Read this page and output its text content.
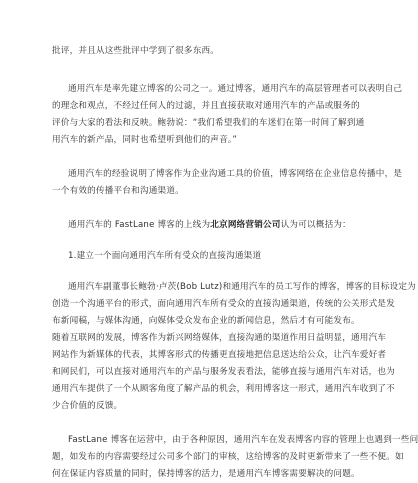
批评，并且从这些批评中学到了很多东西。

通用汽车是率先建立博客的公司之一。通过博客，通用汽车的高层管理者可以表明自己

的理念和观点，不经过任何人的过滤，并且直接获取对通用汽车的产品或服务的

评价与大家的看法和反映。鲍勃说：“我们希望我们的车迷们在第一时间了解到通

用汽车的新产品，同时也希望听到他们的声音。”

通用汽车的经验说明了博客作为企业沟通工具的价值，博客网络在企业信息传播中，是

一个有效的传播平台和沟通渠道。

通用汽车的 FastLane 博客的上线为北京网络营销公司认为可以概括为：

1.建立一个面向通用汽车所有受众的直接沟通渠道

通用汽车副董事长鲍勃·卢茨(Bob Lutz)和通用汽车的员工写作的博客，博客的目标设定为

创造一个沟通平台的形式，面向通用汽车所有受众的直接沟通渠道，传统的公关形式是发

布新闻稿，与媒体沟通，向媒体受众发布企业的新闻信息，然后才有可能发布。

随着互联网的发展，博客作为新兴网络媒体，直接沟通的渠道作用日益明显，通用汽车

网站作为新媒体的代表，其博客形式的传播更直接地把信息送达给公众，让汽车爱好者

和网民们，可以直接对通用汽车的产品与服务发表看法，能够直接与通用汽车对话，也为

通用汽车提供了一个从顾客角度了解产品的机会，利用博客这一形式，通用汽车收到了不

少合价值的反馈。

FastLane 博客在运营中，由于各种原因，通用汽车在发表博客内容的管理上也遇到一些问

题，如发布的内容需要经过公司多个部门的审核，这给博客的及时更新带来了一些不便。如

何在保证内容质量的同时，保持博客的活力，是通用汽车博客需要解决的问题。
